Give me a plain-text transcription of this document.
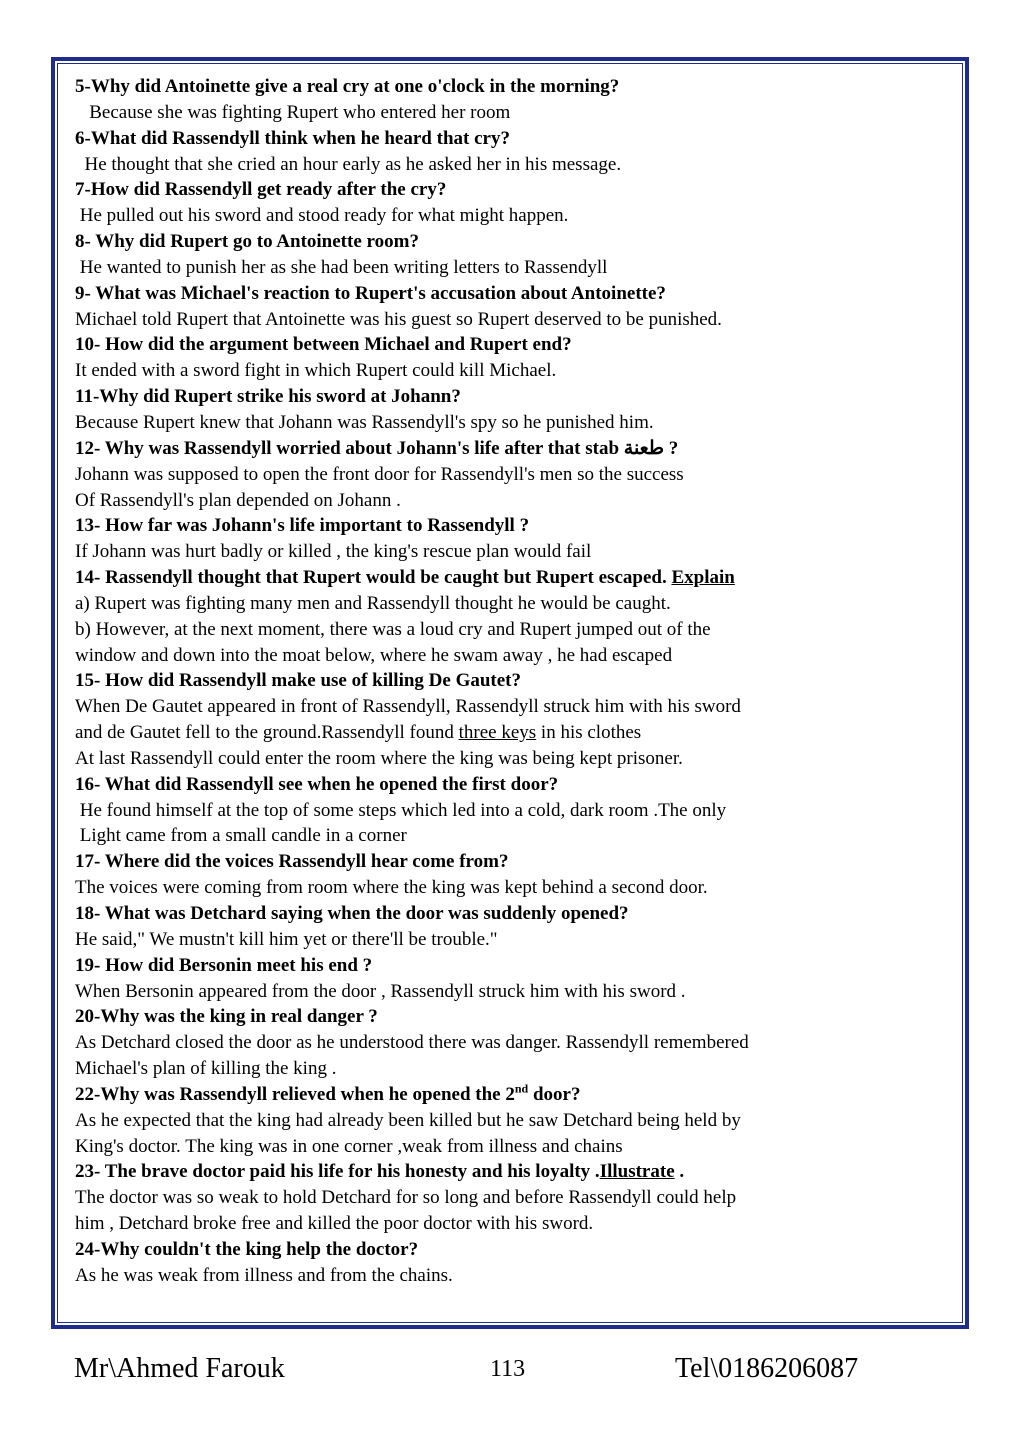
5-Why did Antoinette give a real cry at one o'clock in the morning?
Because she was fighting Rupert who entered her room
6-What did Rassendyll think when he heard that cry?
He thought that she cried an hour early as he asked her in his message.
7-How did Rassendyll get ready after the cry?
He pulled out his sword and stood ready for what might happen.
8- Why did Rupert go to Antoinette room?
He wanted to punish her as she had been writing letters to Rassendyll
9- What was Michael's reaction to Rupert's accusation about Antoinette?
Michael told Rupert that Antoinette was his guest so Rupert deserved to be punished.
10- How did the argument between Michael and Rupert end?
It ended with a sword fight in which Rupert could kill Michael.
11-Why did Rupert strike his sword at Johann?
Because Rupert knew that Johann was Rassendyll's spy so he punished him.
12- Why was Rassendyll worried about Johann's life after that stab طعنة ?
Johann was supposed to open the front door for Rassendyll's men so the success
Of Rassendyll's plan depended on Johann .
13- How far was Johann's life important to Rassendyll ?
If Johann was hurt badly or killed , the king's rescue plan would fail
14- Rassendyll thought that Rupert would be caught but Rupert escaped. Explain
a) Rupert was fighting many men and Rassendyll thought he would be caught.
b) However, at the next moment, there was a loud cry and Rupert jumped out of the
window and down into the moat below, where he swam away , he had escaped
15- How did Rassendyll make use of killing De Gautet?
When De Gautet appeared in front of Rassendyll, Rassendyll struck him with his sword
and de Gautet fell to the ground.Rassendyll found three keys in his clothes
At last Rassendyll could enter the room where the king was being kept prisoner.
16- What did Rassendyll see when he opened the first door?
He found himself at the top of some steps which led into a cold, dark room .The only
Light came from a small candle in a corner
17- Where did the voices Rassendyll hear come from?
The voices were coming from room where the king was kept behind a second door.
18- What was Detchard saying when the door was suddenly opened?
He said," We mustn't kill him yet or there'll be trouble."
19- How did Bersonin meet his end ?
When Bersonin appeared from the door , Rassendyll struck him with his sword .
20-Why was the king in real danger ?
As Detchard closed the door as he understood there was danger. Rassendyll remembered
Michael's plan of killing the king .
22-Why was Rassendyll relieved when he opened the 2nd door?
As he expected that the king had already been killed but he saw Detchard being held by
King's doctor. The king was in one corner ,weak from illness and chains
23- The brave doctor paid his life for his honesty and his loyalty .Illustrate .
The doctor was so weak to hold Detchard for so long and before Rassendyll could help
him , Detchard broke free and killed the poor doctor with his sword.
24-Why couldn't the king help the doctor?
As he was weak from illness and from the chains.
Mr\Ahmed Farouk	113	Tel\0186206087
